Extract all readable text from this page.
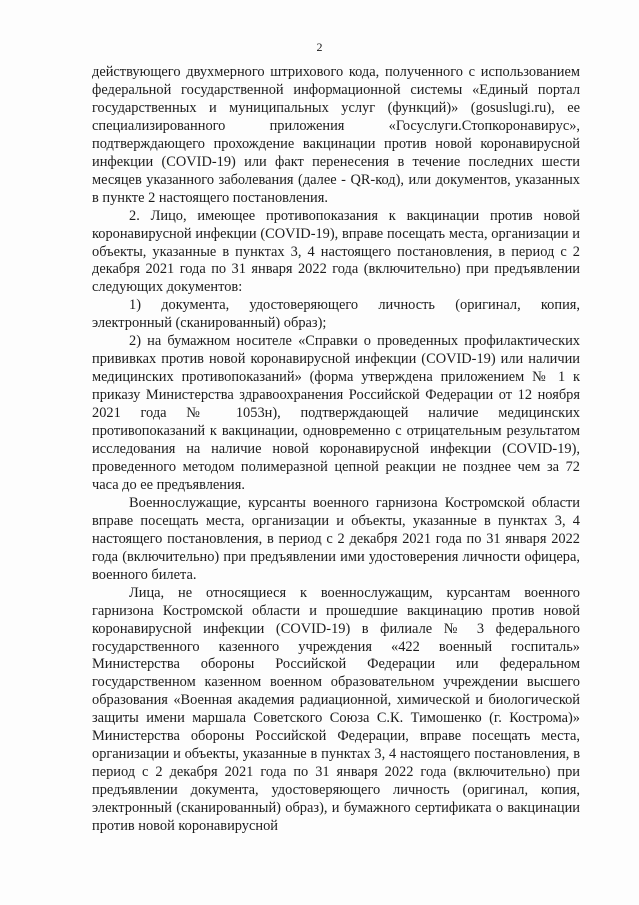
2

действующего двухмерного штрихового кода, полученного с использованием федеральной государственной информационной системы «Единый портал государственных и муниципальных услуг (функций)» (gosuslugi.ru), ее специализированного приложения «Госуслуги.Стопкоронавирус», подтверждающего прохождение вакцинации против новой коронавирусной инфекции (COVID-19) или факт перенесения в течение последних шести месяцев указанного заболевания (далее - QR-код), или документов, указанных в пункте 2 настоящего постановления.

2. Лицо, имеющее противопоказания к вакцинации против новой коронавирусной инфекции (COVID-19), вправе посещать места, организации и объекты, указанные в пунктах 3, 4 настоящего постановления, в период с 2 декабря 2021 года по 31 января 2022 года (включительно) при предъявлении следующих документов:

1) документа, удостоверяющего личность (оригинал, копия, электронный (сканированный) образ);

2) на бумажном носителе «Справки о проведенных профилактических прививках против новой коронавирусной инфекции (COVID-19) или наличии медицинских противопоказаний» (форма утверждена приложением № 1 к приказу Министерства здравоохранения Российской Федерации от 12 ноября 2021 года № 1053н), подтверждающей наличие медицинских противопоказаний к вакцинации, одновременно с отрицательным результатом исследования на наличие новой коронавирусной инфекции (COVID-19), проведенного методом полимеразной цепной реакции не позднее чем за 72 часа до ее предъявления.

Военнослужащие, курсанты военного гарнизона Костромской области вправе посещать места, организации и объекты, указанные в пунктах 3, 4 настоящего постановления, в период с 2 декабря 2021 года по 31 января 2022 года (включительно) при предъявлении ими удостоверения личности офицера, военного билета.

Лица, не относящиеся к военнослужащим, курсантам военного гарнизона Костромской области и прошедшие вакцинацию против новой коронавирусной инфекции (COVID-19) в филиале № 3 федерального государственного казенного учреждения «422 военный госпиталь» Министерства обороны Российской Федерации или федеральном государственном казенном военном образовательном учреждении высшего образования «Военная академия радиационной, химической и биологической защиты имени маршала Советского Союза С.К. Тимошенко (г. Кострома)» Министерства обороны Российской Федерации, вправе посещать места, организации и объекты, указанные в пунктах 3, 4 настоящего постановления, в период с 2 декабря 2021 года по 31 января 2022 года (включительно) при предъявлении документа, удостоверяющего личность (оригинал, копия, электронный (сканированный) образ), и бумажного сертификата о вакцинации против новой коронавирусной
